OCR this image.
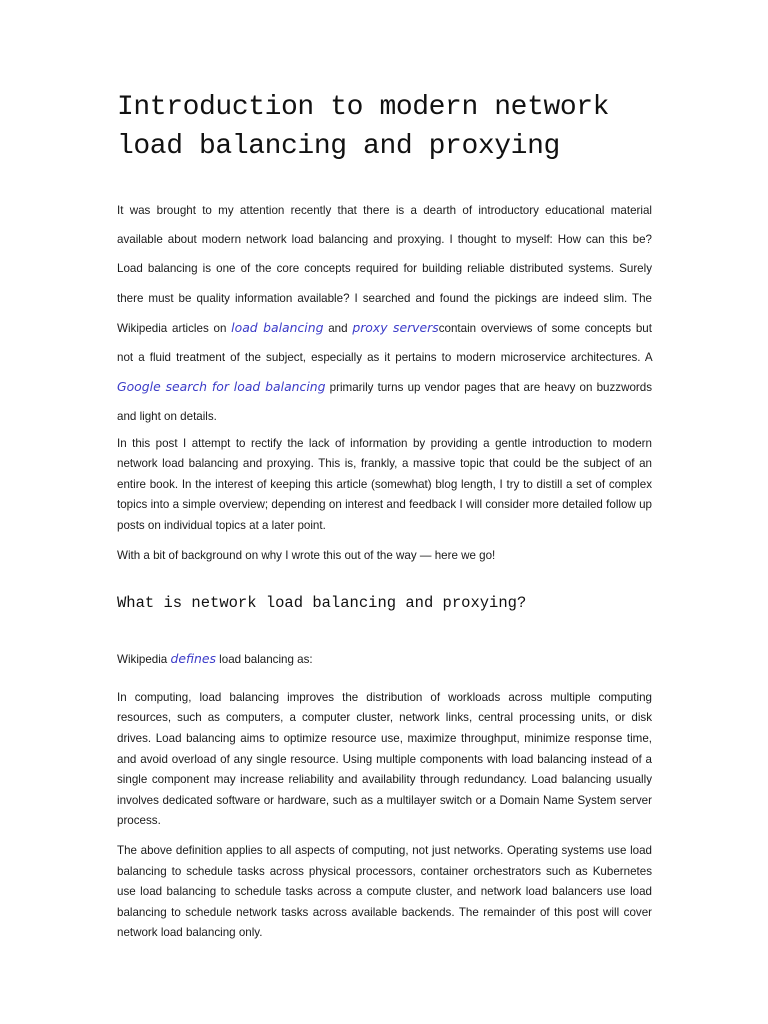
Introduction to modern network load balancing and proxying

It was brought to my attention recently that there is a dearth of introductory educational material available about modern network load balancing and proxying. I thought to myself: How can this be? Load balancing is one of the core concepts required for building reliable distributed systems. Surely there must be quality information available? I searched and found the pickings are indeed slim. The Wikipedia articles on load balancing and proxy serverscontain overviews of some concepts but not a fluid treatment of the subject, especially as it pertains to modern microservice architectures. A Google search for load balancing primarily turns up vendor pages that are heavy on buzzwords and light on details.

In this post I attempt to rectify the lack of information by providing a gentle introduction to modern network load balancing and proxying. This is, frankly, a massive topic that could be the subject of an entire book. In the interest of keeping this article (somewhat) blog length, I try to distill a set of complex topics into a simple overview; depending on interest and feedback I will consider more detailed follow up posts on individual topics at a later point.

With a bit of background on why I wrote this out of the way — here we go!

What is network load balancing and proxying?

Wikipedia defines load balancing as:

In computing, load balancing improves the distribution of workloads across multiple computing resources, such as computers, a computer cluster, network links, central processing units, or disk drives. Load balancing aims to optimize resource use, maximize throughput, minimize response time, and avoid overload of any single resource. Using multiple components with load balancing instead of a single component may increase reliability and availability through redundancy. Load balancing usually involves dedicated software or hardware, such as a multilayer switch or a Domain Name System server process.

The above definition applies to all aspects of computing, not just networks. Operating systems use load balancing to schedule tasks across physical processors, container orchestrators such as Kubernetes use load balancing to schedule tasks across a compute cluster, and network load balancers use load balancing to schedule network tasks across available backends. The remainder of this post will cover network load balancing only.
